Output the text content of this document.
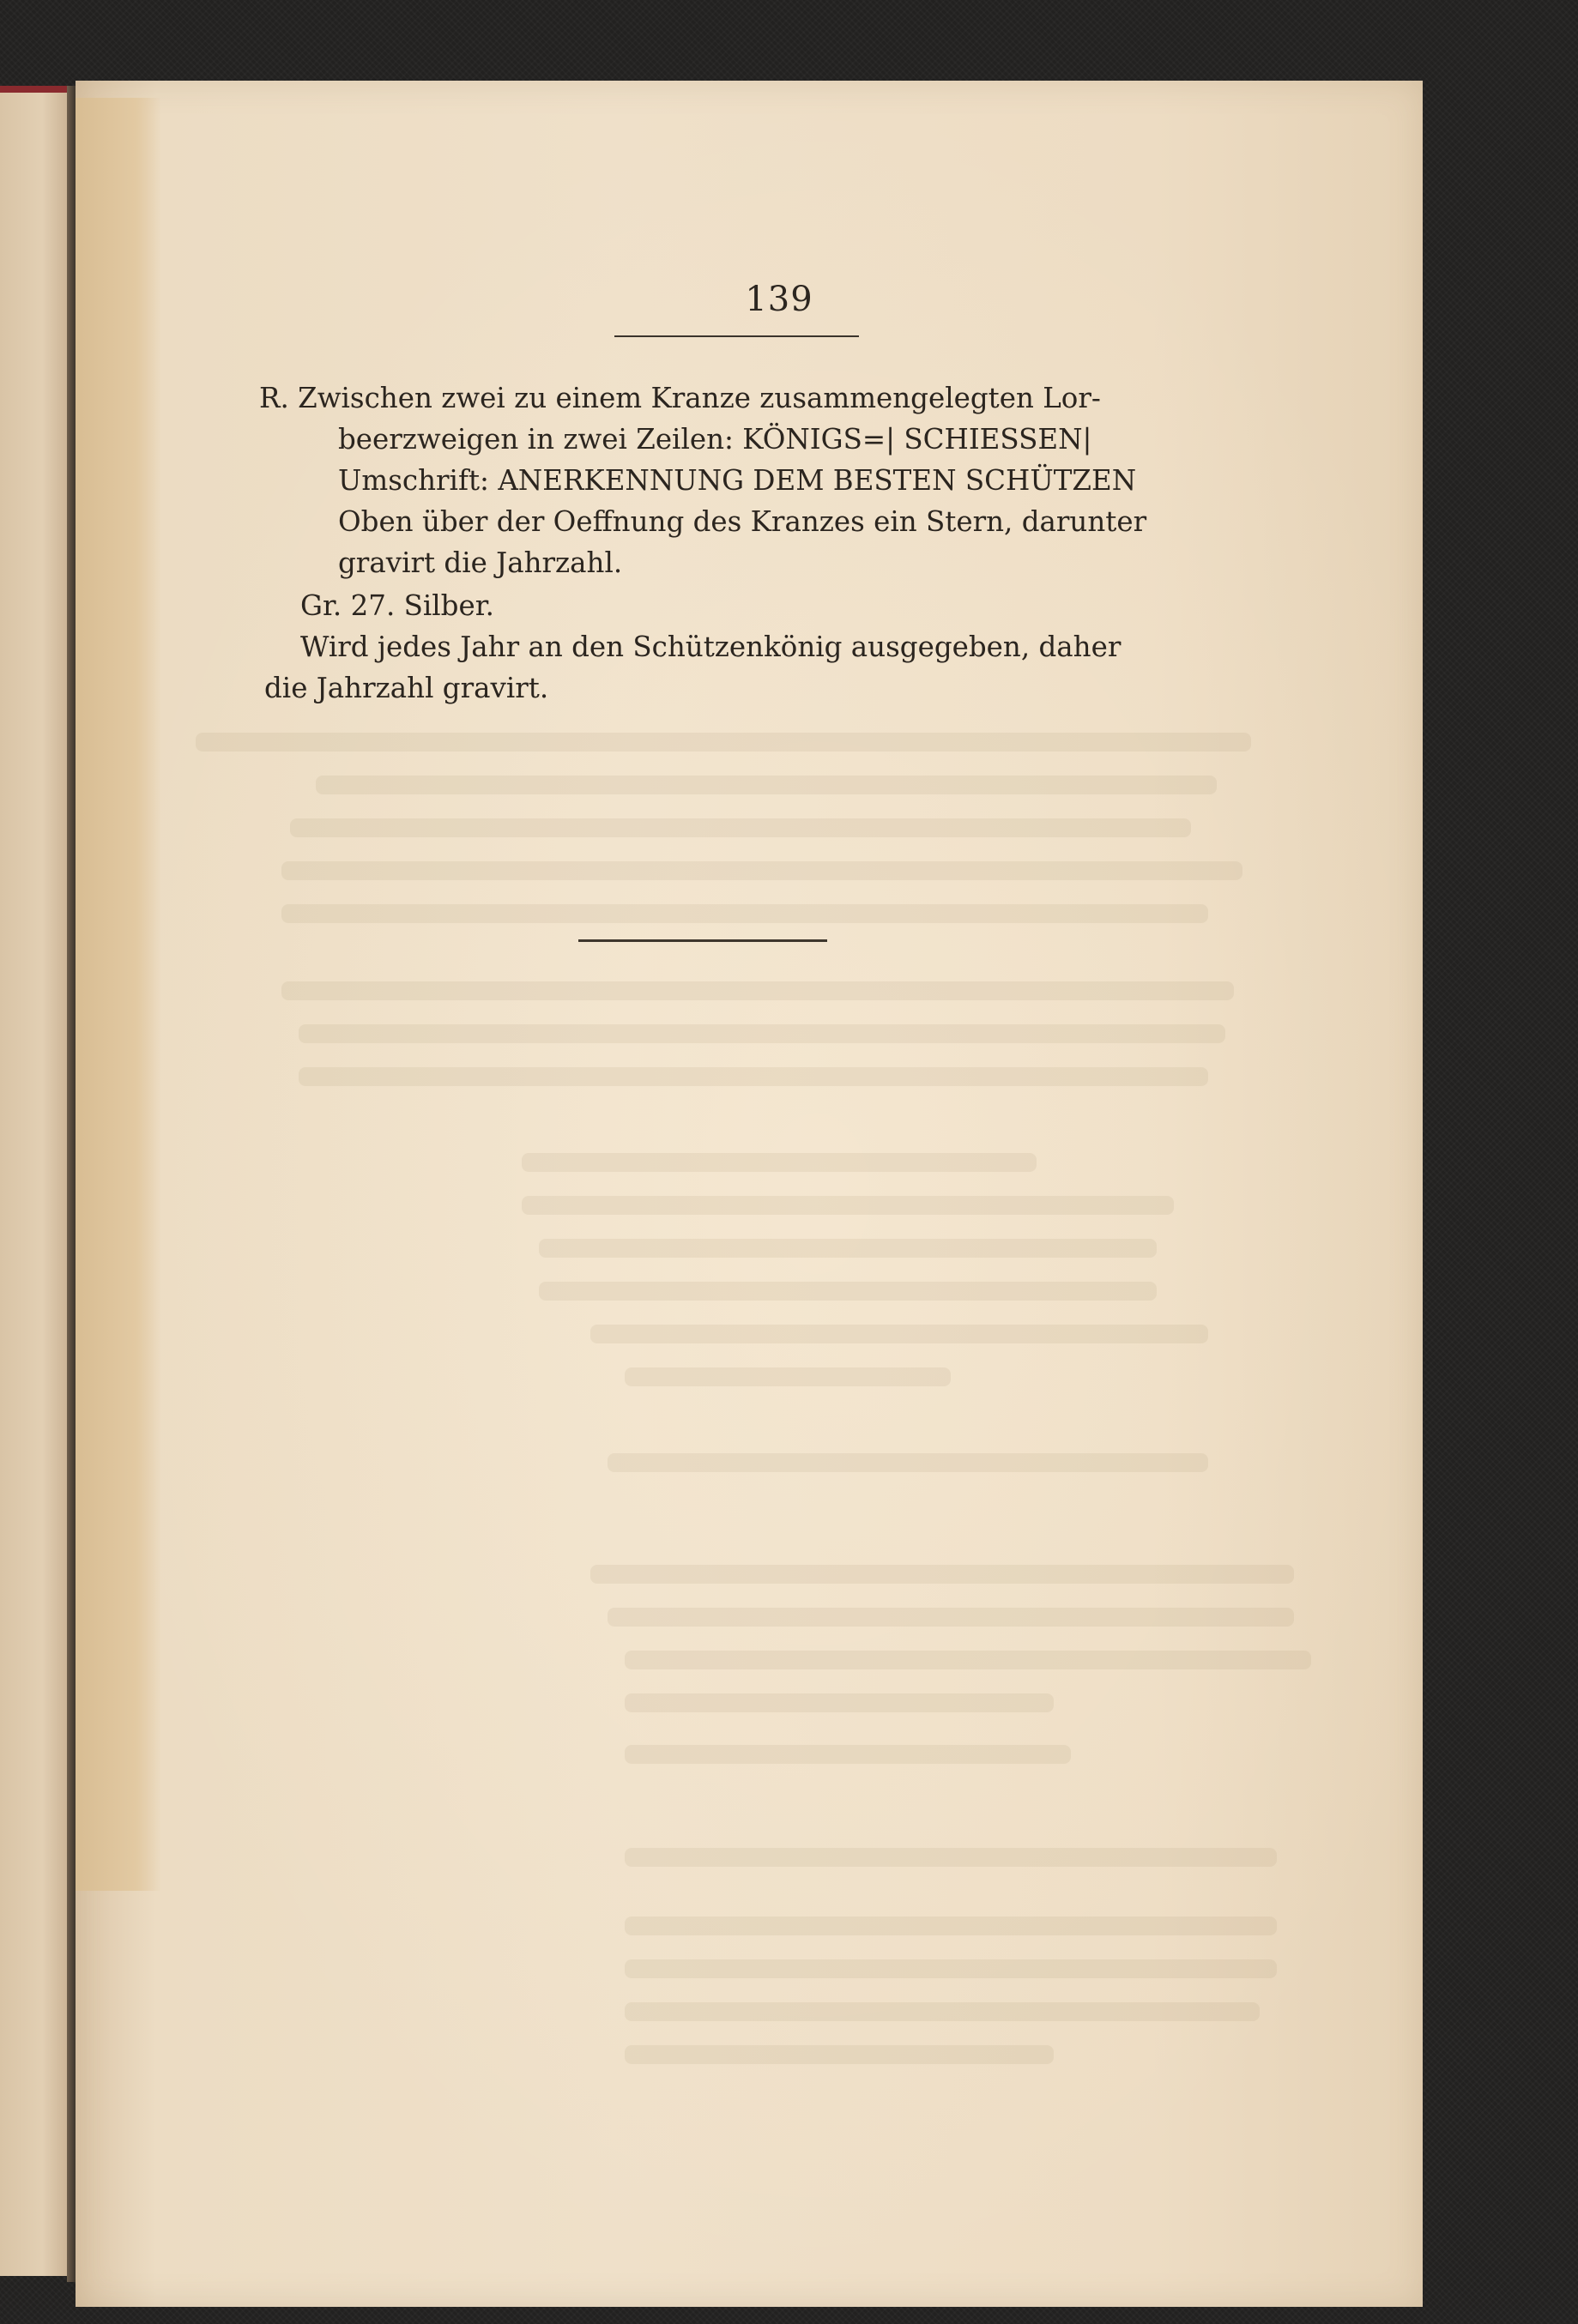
139
R. Zwischen zwei zu einem Kranze zusammengelegten Lor-
beerzweigen in zwei Zeilen: KÖNIGS=| SCHIESSEN|
Umschrift: ANERKENNUNG DEM BESTEN SCHÜTZEN
Oben über der Oeffnung des Kranzes ein Stern, darunter
gravirt die Jahrzahl.
Gr. 27. Silber.
Wird jedes Jahr an den Schützenkönig ausgegeben, daher
die Jahrzahl gravirt.
